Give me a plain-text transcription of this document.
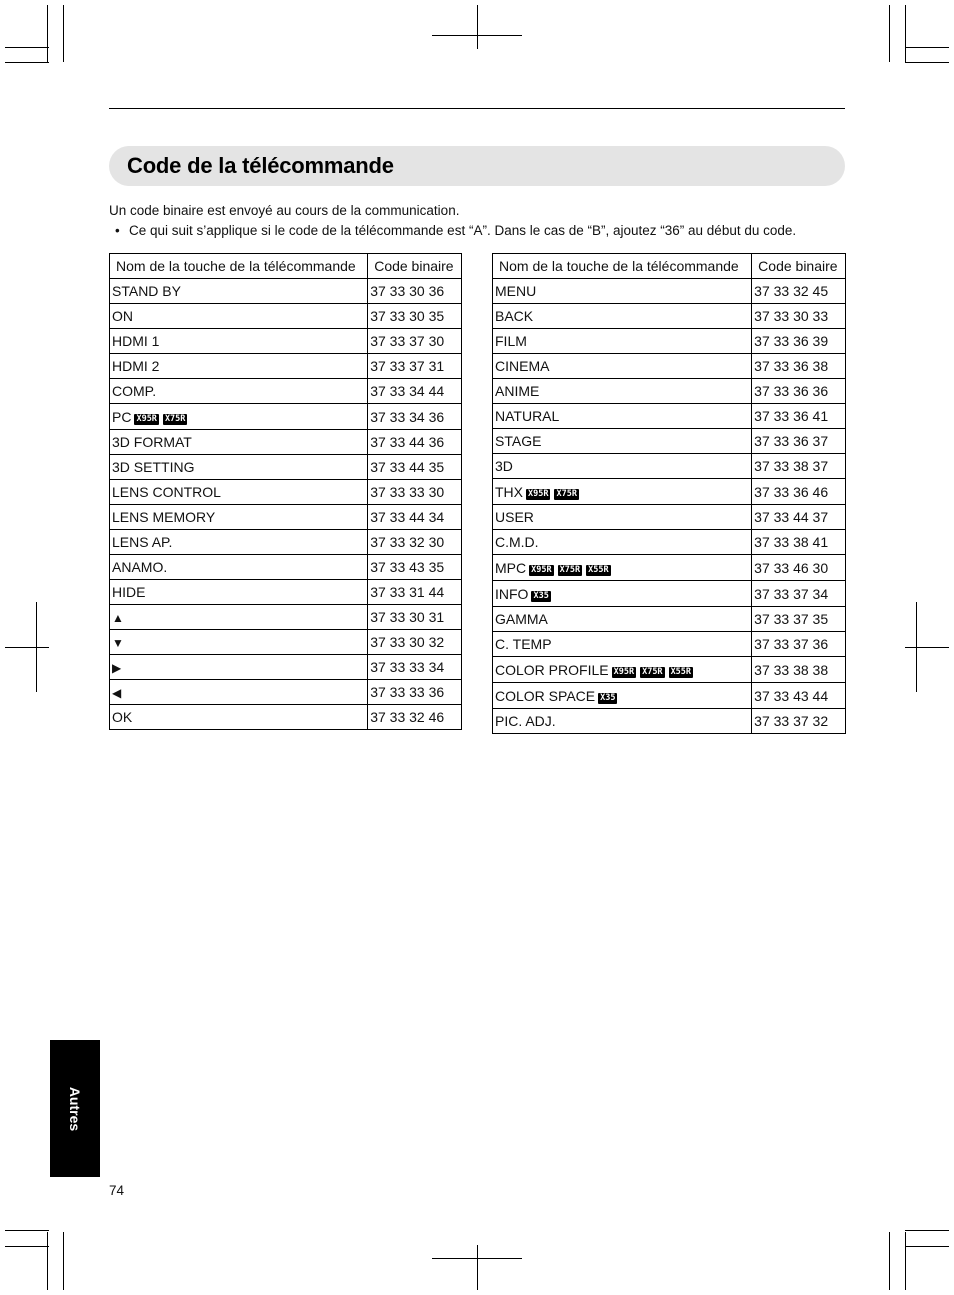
Code de la télécommande
Un code binaire est envoyé au cours de la communication.
• Ce qui suit s’applique si le code de la télécommande est “A”. Dans le cas de “B”, ajoutez “36” au début du code.
Nom de la touche de la télécommande	Code binaire
STAND BY	37 33 30 36
ON	37 33 30 35
HDMI 1	37 33 37 30
HDMI 2	37 33 37 31
COMP.	37 33 34 44
PC X95R X75R	37 33 34 36
3D FORMAT	37 33 44 36
3D SETTING	37 33 44 35
LENS CONTROL	37 33 33 30
LENS MEMORY	37 33 44 34
LENS AP.	37 33 32 30
ANAMO.	37 33 43 35
HIDE	37 33 31 44
▲	37 33 30 31
▼	37 33 30 32
▶	37 33 33 34
◀	37 33 33 36
OK	37 33 32 46
Nom de la touche de la télécommande	Code binaire
MENU	37 33 32 45
BACK	37 33 30 33
FILM	37 33 36 39
CINEMA	37 33 36 38
ANIME	37 33 36 36
NATURAL	37 33 36 41
STAGE	37 33 36 37
3D	37 33 38 37
THX X95R X75R	37 33 36 46
USER	37 33 44 37
C.M.D.	37 33 38 41
MPC X95R X75R X55R	37 33 46 30
INFO X35	37 33 37 34
GAMMA	37 33 37 35
C. TEMP	37 33 37 36
COLOR PROFILE X95R X75R X55R	37 33 38 38
COLOR SPACE X35	37 33 43 44
PIC. ADJ.	37 33 37 32
Autres
74
